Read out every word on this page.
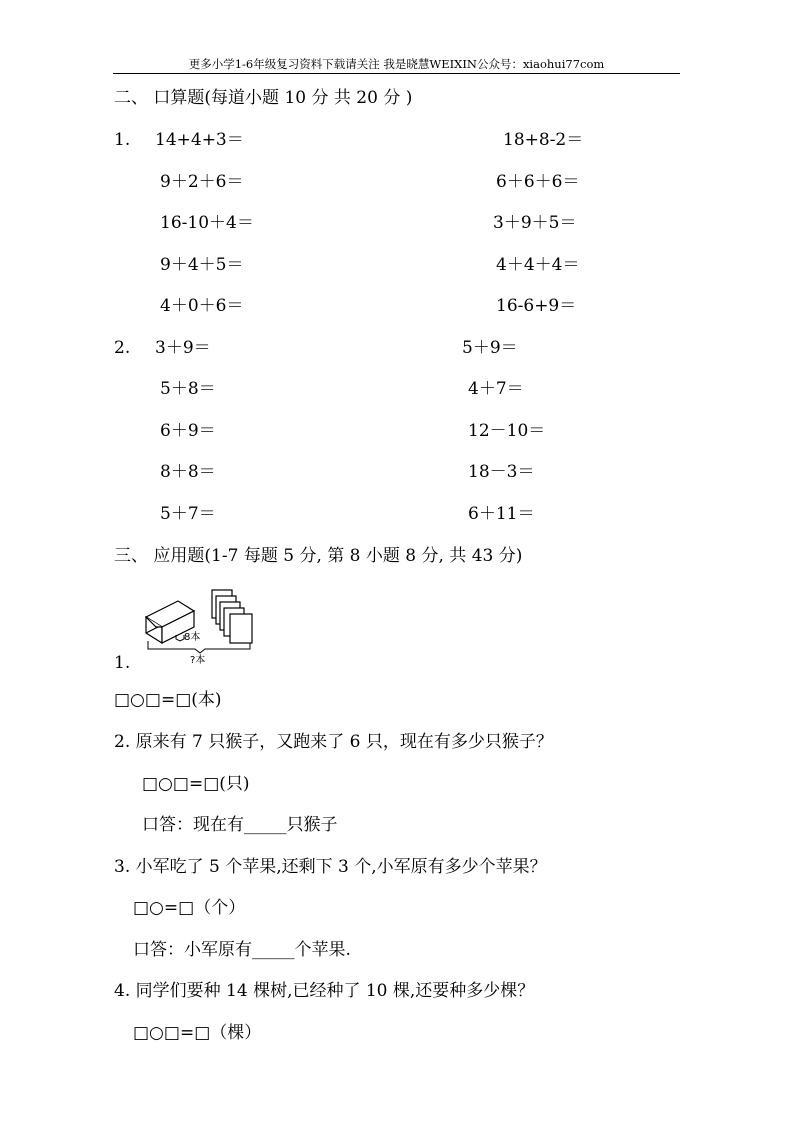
更多小学1-6年级复习资料下载请关注 我是晓慧WEIXIN公众号：xiaohui77com
二、 口算题(每道小题 10 分 共 20 分 )
1. 14+4+3＝
9＋2＋6＝
16-10＋4＝
9＋4＋5＝
4＋0＋6＝
18+8-2＝
6＋6＋6＝
3＋9＋5＝
4＋4＋4＝
16-6+9＝
2. 3＋9＝
5＋8＝
6＋9＝
8＋8＝
5＋7＝
5＋9＝
4＋7＝
12－10＝
18－3＝
6＋11＝
三、 应用题(1-7 每题 5 分, 第 8 小题 8 分, 共 43 分)
8本
?本
1.
□○□=□(本)
2. 原来有 7 只猴子，又跑来了 6 只，现在有多少只猴子？
□○□=□(只)
口答：现在有_____只猴子
3. 小军吃了 5 个苹果,还剩下 3 个,小军原有多少个苹果？
□○=□（个）
口答：小军原有_____个苹果.
4. 同学们要种 14 棵树,已经种了 10 棵,还要种多少棵？
□○□=□（棵）
